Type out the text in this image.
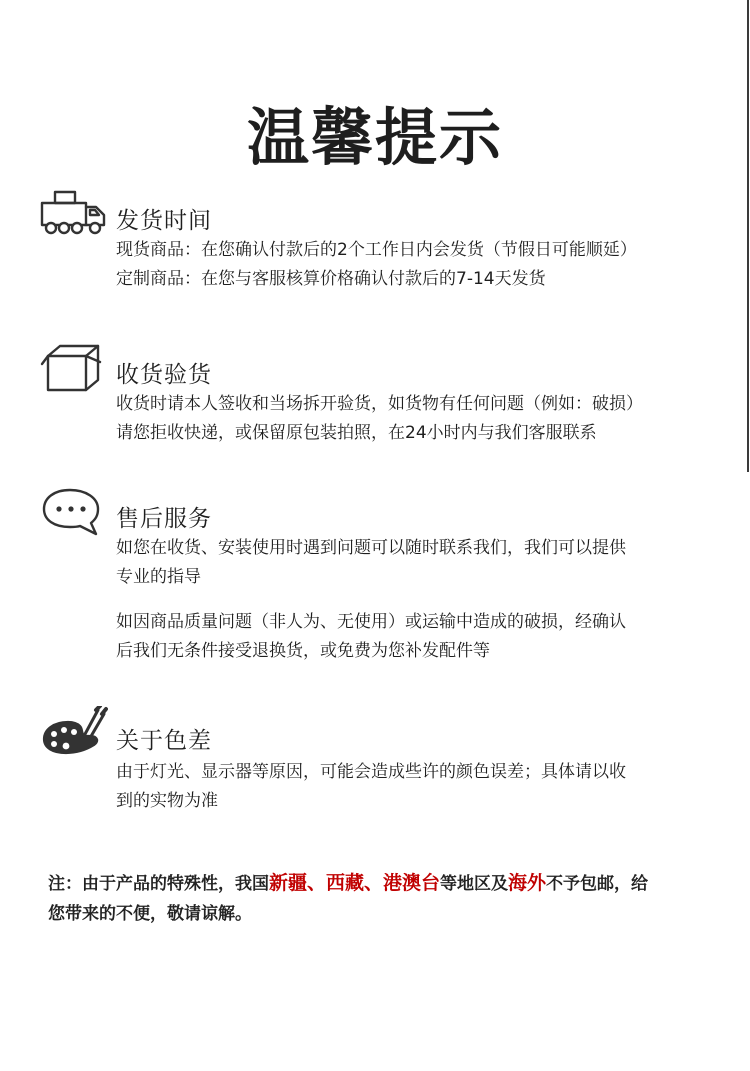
温馨提示
发货时间

现货商品：在您确认付款后的2个工作日内会发货（节假日可能顺延）

定制商品：在您与客服核算价格确认付款后的7-14天发货

收货验货

收货时请本人签收和当场拆开验货，如货物有任何问题（例如：破损）

请您拒收快递，或保留原包装拍照，在24小时内与我们客服联系

售后服务

如您在收货、安装使用时遇到问题可以随时联系我们，我们可以提供

专业的指导

如因商品质量问题（非人为、无使用）或运输中造成的破损，经确认

后我们无条件接受退换货，或免费为您补发配件等

关于色差

由于灯光、显示器等原因，可能会造成些许的颜色误差；具体请以收

到的实物为准

注：由于产品的特殊性，我国新疆、西藏、港澳台等地区及海外不予包邮，给
您带来的不便，敬请谅解。
